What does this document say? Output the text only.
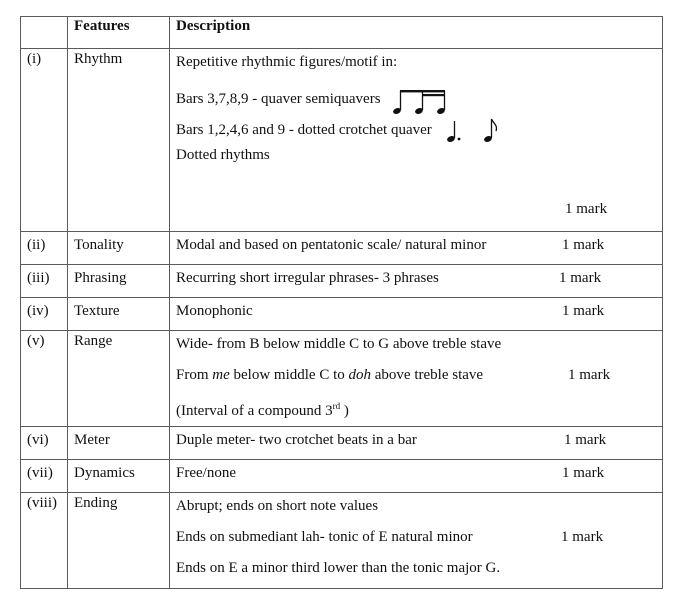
	Features	Description
(i)	Rhythm	Repetitive rhythmic figures/motif in:
Bars 3,7,8,9 - quaver semiquavers
Bars 1,2,4,6 and 9 - dotted crotchet quaver
Dotted rhythms
1 mark

(ii)	Tonality	Modal and based on pentatonic scale/ natural minor 1 mark

(iii)	Phrasing	Recurring short irregular phrases- 3 phrases 1 mark

(iv)	Texture	Monophonic 1 mark

(v)	Range	Wide- from B below middle C to G above treble stave
From me below middle C to doh above treble stave 1 mark
(Interval of a compound 3rd )

(vi)	Meter	Duple meter- two crotchet beats in a bar 1 mark

(vii)	Dynamics	Free/none 1 mark

(viii)	Ending	Abrupt; ends on short note values
Ends on submediant lah- tonic of E natural minor 1 mark
Ends on E a minor third lower than the tonic major G.
